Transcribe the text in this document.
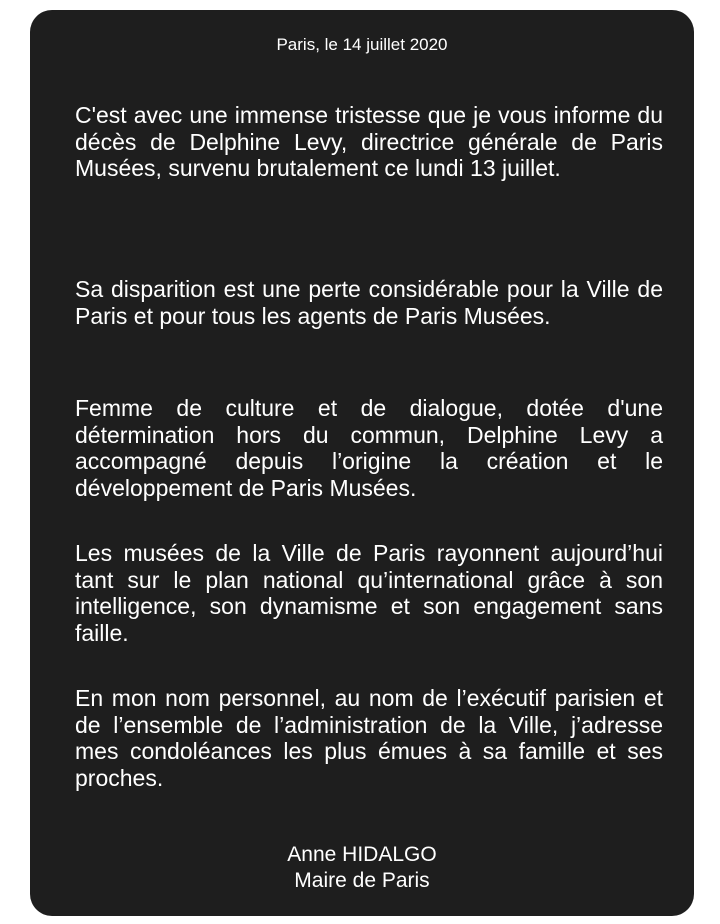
Paris, le 14 juillet 2020

C'est avec une immense tristesse que je vous informe du décès de Delphine Levy, directrice générale de Paris Musées, survenu brutalement ce lundi 13 juillet.

Sa disparition est une perte considérable pour la Ville de Paris et pour tous les agents de Paris Musées.

Femme de culture et de dialogue, dotée d'une détermination hors du commun, Delphine Levy a accompagné depuis l’origine la création et le développement de Paris Musées.

Les musées de la Ville de Paris rayonnent aujourd’hui tant sur le plan national qu’international grâce à son intelligence, son dynamisme et son engagement sans faille.

En mon nom personnel, au nom de l’exécutif parisien et de l’ensemble de l’administration de la Ville, j’adresse mes condoléances les plus émues à sa famille et ses proches.

Anne HIDALGO
Maire de Paris
